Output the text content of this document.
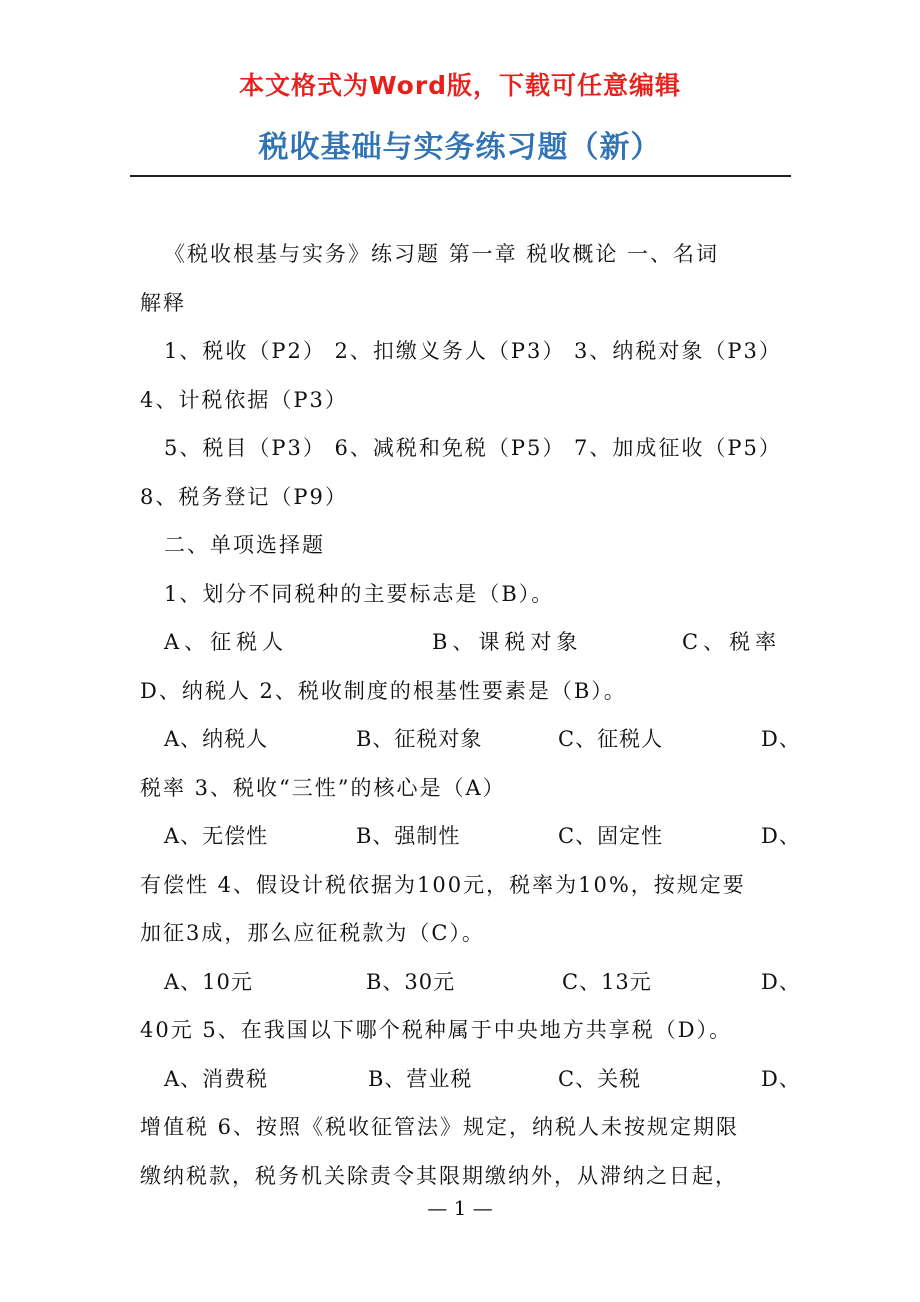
本文格式为Word版，下载可任意编辑
税收基础与实务练习题（新）
《税收根基与实务》练习题 第一章 税收概论 一、名词
解释
1、税收（P2） 2、扣缴义务人（P3） 3、纳税对象（P3）
4、计税依据（P3）
5、税目（P3） 6、减税和免税（P5） 7、加成征收（P5）
8、税务登记（P9）
二、单项选择题
1、划分不同税种的主要标志是（B）。
A、征税人	B、课税对象	C、税率
D、纳税人 2、税收制度的根基性要素是（B）。
A、纳税人	B、征税对象	C、征税人	D、
税率 3、税收“三性”的核心是（A）
A、无偿性	B、强制性	C、固定性	D、
有偿性 4、假设计税依据为100元，税率为10%，按规定要
加征3成，那么应征税款为（C）。
A、10元	B、30元	C、13元	D、
40元 5、在我国以下哪个税种属于中央地方共享税（D）。
A、消费税	B、营业税	C、关税	D、
增值税 6、按照《税收征管法》规定，纳税人未按规定期限
缴纳税款，税务机关除责令其限期缴纳外，从滞纳之日起，
— 1 —
